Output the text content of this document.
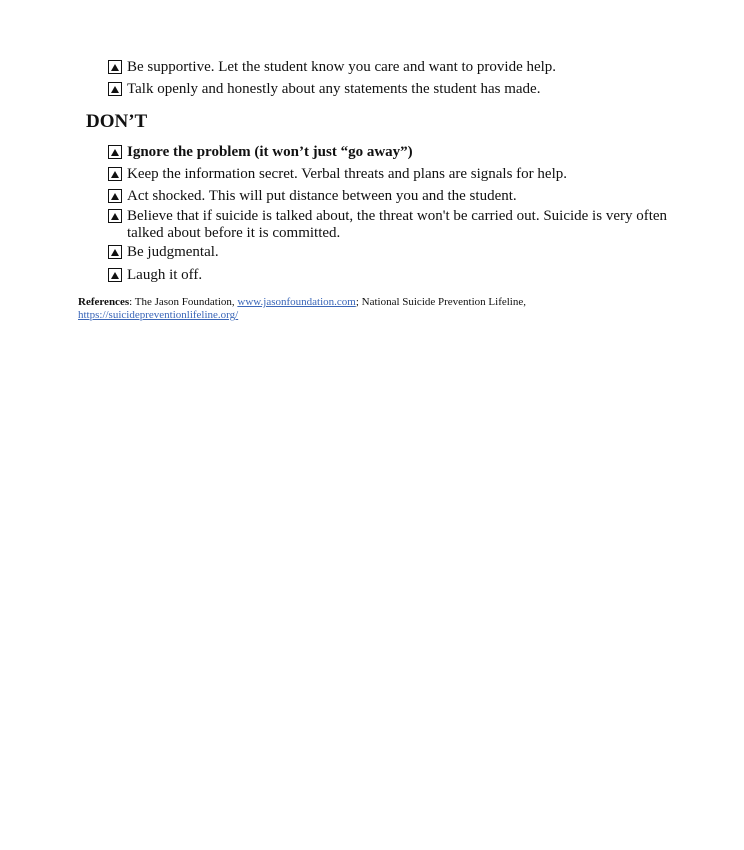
Be supportive. Let the student know you care and want to provide help.
Talk openly and honestly about any statements the student has made.
DON’T
Ignore the problem (it won’t just “go away”)
Keep the information secret. Verbal threats and plans are signals for help.
Act shocked. This will put distance between you and the student.
Believe that if suicide is talked about, the threat won't be carried out. Suicide is very often talked about before it is committed.
Be judgmental.
Laugh it off.
References: The Jason Foundation, www.jasonfoundation.com; National Suicide Prevention Lifeline,
https://suicidepreventionlifeline.org/
